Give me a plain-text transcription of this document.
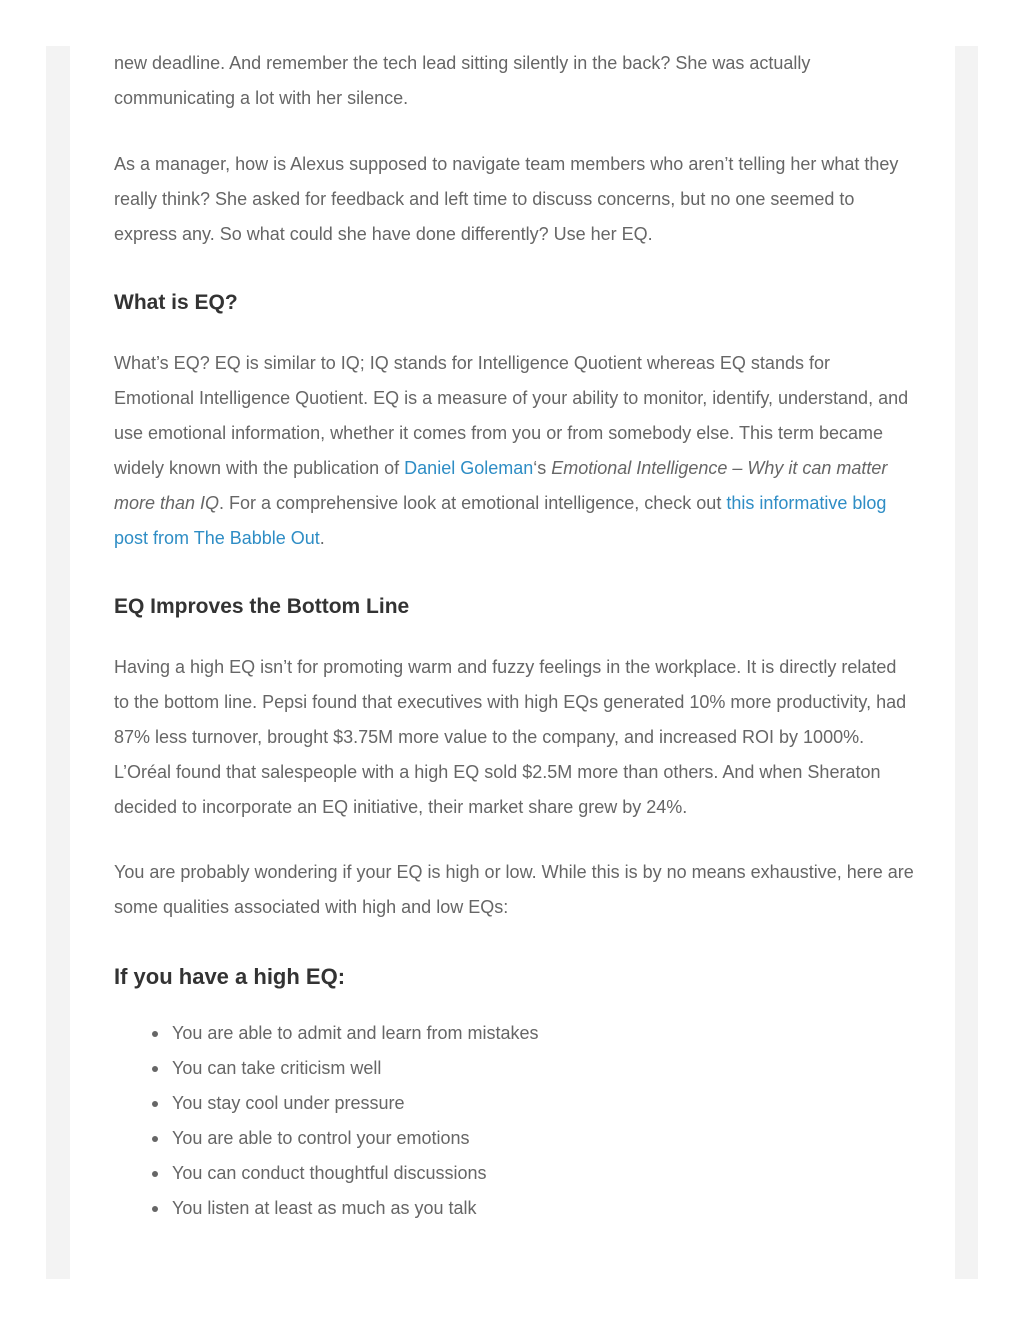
new deadline. And remember the tech lead sitting silently in the back? She was actually communicating a lot with her silence.

As a manager, how is Alexus supposed to navigate team members who aren’t telling her what they really think? She asked for feedback and left time to discuss concerns, but no one seemed to express any. So what could she have done differently? Use her EQ.

What is EQ?

What’s EQ? EQ is similar to IQ; IQ stands for Intelligence Quotient whereas EQ stands for Emotional Intelligence Quotient. EQ is a measure of your ability to monitor, identify, understand, and use emotional information, whether it comes from you or from somebody else. This term became widely known with the publication of Daniel Goleman‘s Emotional Intelligence – Why it can matter more than IQ. For a comprehensive look at emotional intelligence, check out this informative blog post from The Babble Out.

EQ Improves the Bottom Line

Having a high EQ isn’t for promoting warm and fuzzy feelings in the workplace. It is directly related to the bottom line. Pepsi found that executives with high EQs generated 10% more productivity, had 87% less turnover, brought $3.75M more value to the company, and increased ROI by 1000%. L’Oréal found that salespeople with a high EQ sold $2.5M more than others. And when Sheraton decided to incorporate an EQ initiative, their market share grew by 24%.

You are probably wondering if your EQ is high or low. While this is by no means exhaustive, here are some qualities associated with high and low EQs:

If you have a high EQ:
You are able to admit and learn from mistakes
You can take criticism well
You stay cool under pressure
You are able to control your emotions
You can conduct thoughtful discussions
You listen at least as much as you talk
